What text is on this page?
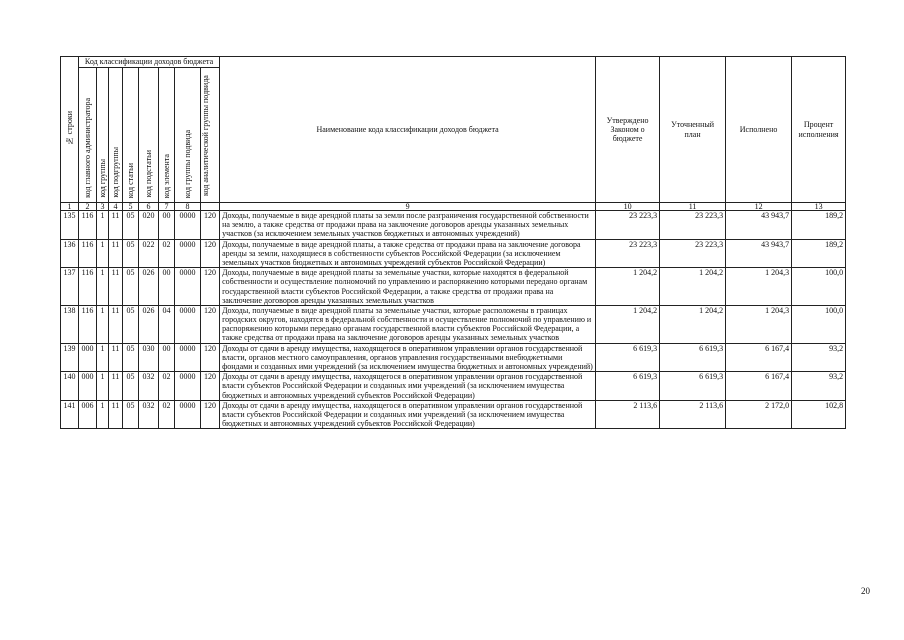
№ строки	Код классификации доходов бюджета								Наименование кода классификации доходов бюджета	Утверждено Законом о бюджете	Уточненный план	Исполнено	Процент исполнения
	код главного администратора	код группы	код подгруппы	код статьи	код подстатьи	код элемента	код группы подвида	код аналитической группы подвида					
1	2	3	4	5	6	7	8		9	10	11	12	13
135	116	1	11	05	020	00	0000	120	Доходы, получаемые в виде арендной платы за земли после разграничения государственной собственности на землю, а также средства от продажи права на заключение договоров аренды указанных земельных участков (за исключением земельных участков бюджетных и автономных учреждений)	23 223,3	23 223,3	43 943,7	189,2
136	116	1	11	05	022	02	0000	120	Доходы, получаемые в виде арендной платы, а также средства от продажи права на заключение договора аренды за земли, находящиеся в собственности субъектов Российской Федерации (за исключением земельных участков бюджетных и автономных учреждений субъектов Российской Федерации)	23 223,3	23 223,3	43 943,7	189,2
137	116	1	11	05	026	00	0000	120	Доходы, получаемые в виде арендной платы за земельные участки, которые находятся в федеральной собственности и осуществление полномочий по управлению и распоряжению которыми передано органам государственной власти субъектов Российской Федерации, а также средства от продажи права на заключение договоров аренды указанных земельных участков	1 204,2	1 204,2	1 204,3	100,0
138	116	1	11	05	026	04	0000	120	Доходы, получаемые в виде арендной платы за земельные участки, которые расположены в границах городских округов, находятся в федеральной собственности и осуществление полномочий по управлению и распоряжению которыми передано органам государственной власти субъектов Российской Федерации, а также средства от продажи права на заключение договоров аренды указанных земельных участков	1 204,2	1 204,2	1 204,3	100,0
139	000	1	11	05	030	00	0000	120	Доходы от сдачи в аренду имущества, находящегося в оперативном управлении органов государственной власти, органов местного самоуправления, органов управления государственными внебюджетными фондами и созданных ими учреждений (за исключением имущества бюджетных и автономных учреждений)	6 619,3	6 619,3	6 167,4	93,2
140	000	1	11	05	032	02	0000	120	Доходы от сдачи в аренду имущества, находящегося в оперативном управлении органов государственной власти субъектов Российской Федерации и созданных ими учреждений (за исключением имущества бюджетных и автономных учреждений субъектов Российской Федерации)	6 619,3	6 619,3	6 167,4	93,2
141	006	1	11	05	032	02	0000	120	Доходы от сдачи в аренду имущества, находящегося в оперативном управлении органов государственной власти субъектов Российской Федерации и созданных ими учреждений (за исключением имущества бюджетных и автономных учреждений субъектов Российской Федерации)	2 113,6	2 113,6	2 172,0	102,8
20
